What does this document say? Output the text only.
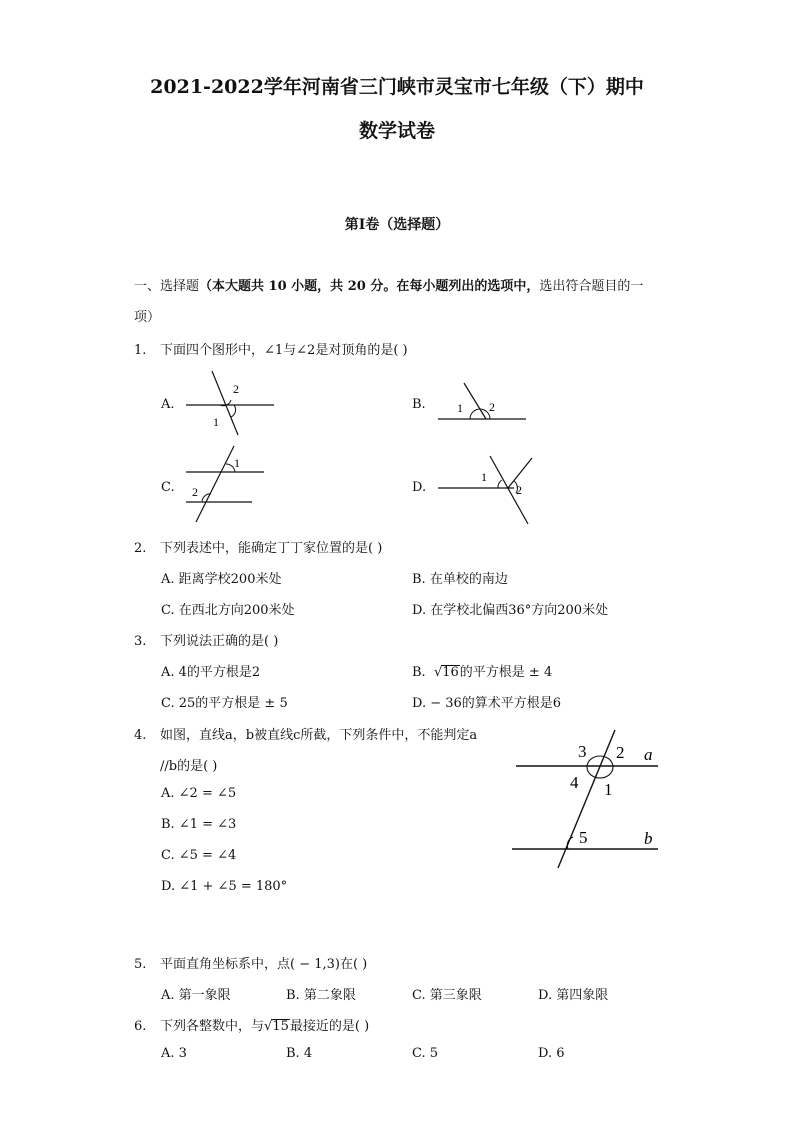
2021-2022学年河南省三门峡市灵宝市七年级（下）期中
数学试卷
第Ⅰ卷（选择题）
一、选择题（本大题共 10 小题，共 20 分。在每小题列出的选项中，选出符合题目的一
项）
1. 下面四个图形中，∠1与∠2是对顶角的是( )
A.	B.
C.	D.
2
1
1 2
1
2
1
2
2. 下列表述中，能确定丁丁家位置的是( )
A. 距离学校200米处	B. 在单校的南边
C. 在西北方向200米处	D. 在学校北偏西36°方向200米处
3. 下列说法正确的是( )
A. 4的平方根是2	B. √16的平方根是 ± 4
C. 25的平方根是 ± 5	D. − 36的算术平方根是6
4. 如图，直线a，b被直线c所截，下列条件中，不能判定a
//b的是( )
A. ∠2 = ∠5
B. ∠1 = ∠3
C. ∠5 = ∠4
D. ∠1 + ∠5 = 180°
3 2
4 1
5
a
b
5. 平面直角坐标系中，点( − 1,3)在( )
A. 第一象限	B. 第二象限	C. 第三象限	D. 第四象限
6. 下列各整数中，与√15最接近的是( )
A. 3	B. 4	C. 5	D. 6
